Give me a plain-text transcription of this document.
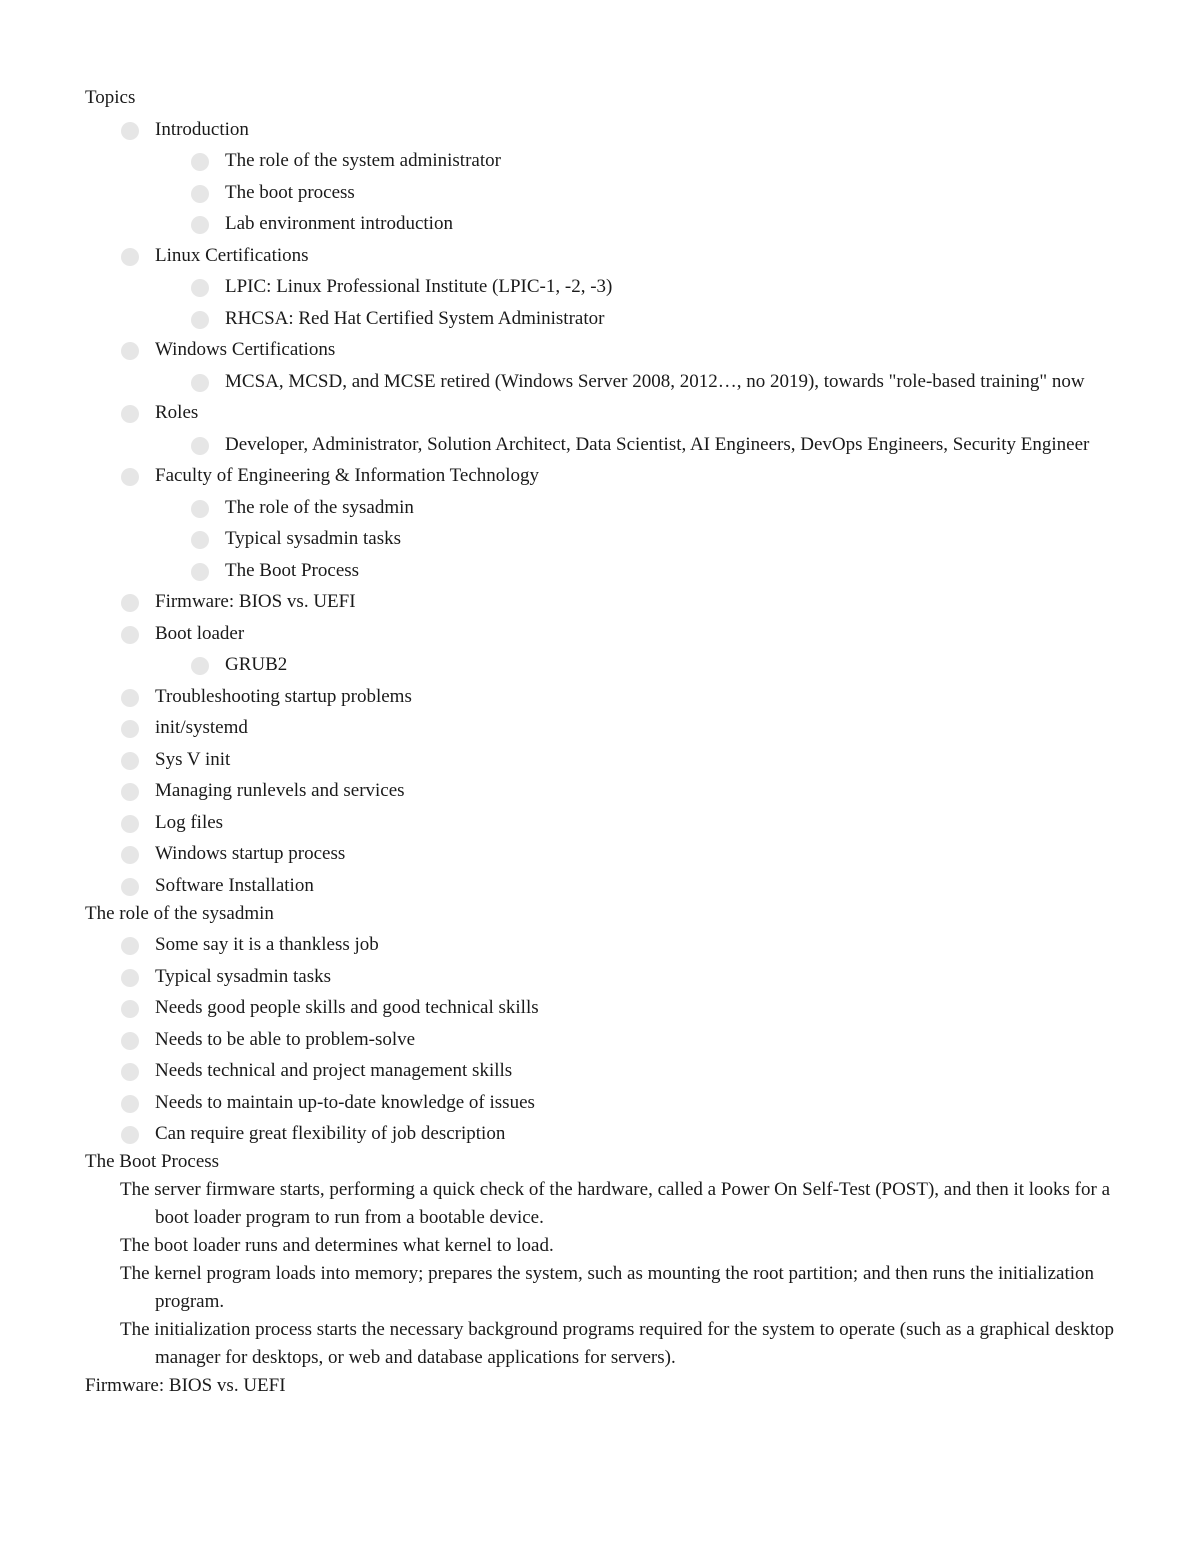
Topics
Introduction
The role of the system administrator
The boot process
Lab environment introduction
Linux Certifications
LPIC: Linux Professional Institute (LPIC-1, -2, -3)
RHCSA: Red Hat Certified System Administrator
Windows Certifications
MCSA, MCSD, and MCSE retired (Windows Server 2008, 2012…, no 2019), towards "role-based training" now
Roles
Developer, Administrator, Solution Architect, Data Scientist, AI Engineers, DevOps Engineers, Security Engineer
Faculty of Engineering & Information Technology
The role of the sysadmin
Typical sysadmin tasks
The Boot Process
Firmware: BIOS vs. UEFI
Boot loader
GRUB2
Troubleshooting startup problems
init/systemd
Sys V init
Managing runlevels and services
Log files
Windows startup process
Software Installation
The role of the sysadmin
Some say it is a thankless job
Typical sysadmin tasks
Needs good people skills and good technical skills
Needs to be able to problem-solve
Needs technical and project management skills
Needs to maintain up-to-date knowledge of issues
Can require great flexibility of job description
The Boot Process

The server firmware starts, performing a quick check of the hardware, called a Power On Self-Test (POST), and then it looks for a boot loader program to run from a bootable device.

The boot loader runs and determines what kernel to load.

The kernel program loads into memory; prepares the system, such as mounting the root partition; and then runs the initialization program.

The initialization process starts the necessary background programs required for the system to operate (such as a graphical desktop manager for desktops, or web and database applications for servers).

Firmware: BIOS vs. UEFI
